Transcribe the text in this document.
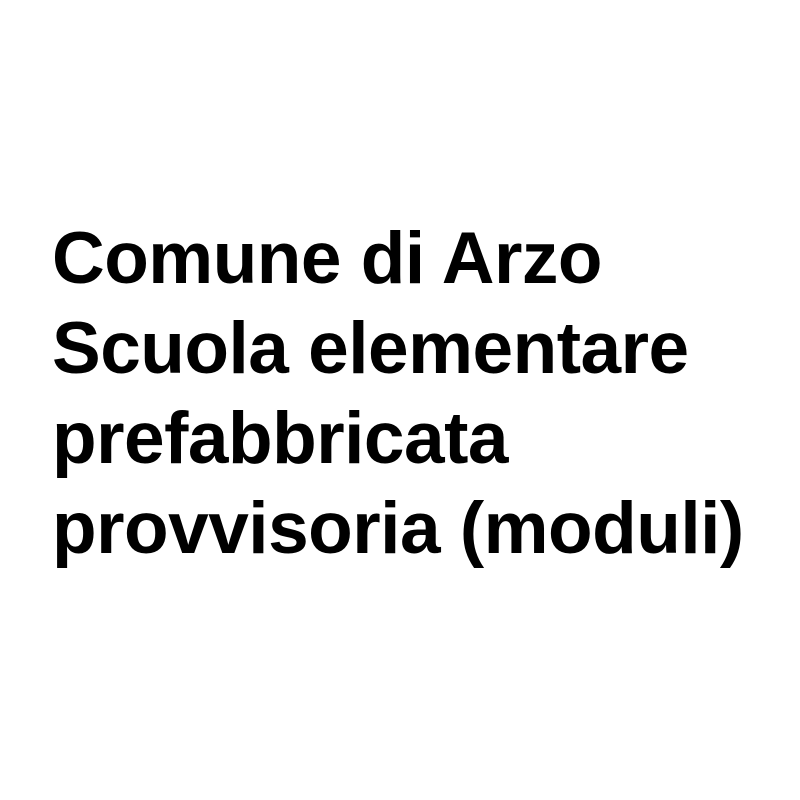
Comune di Arzo
Scuola elementare
prefabbricata
provvisoria (moduli)
